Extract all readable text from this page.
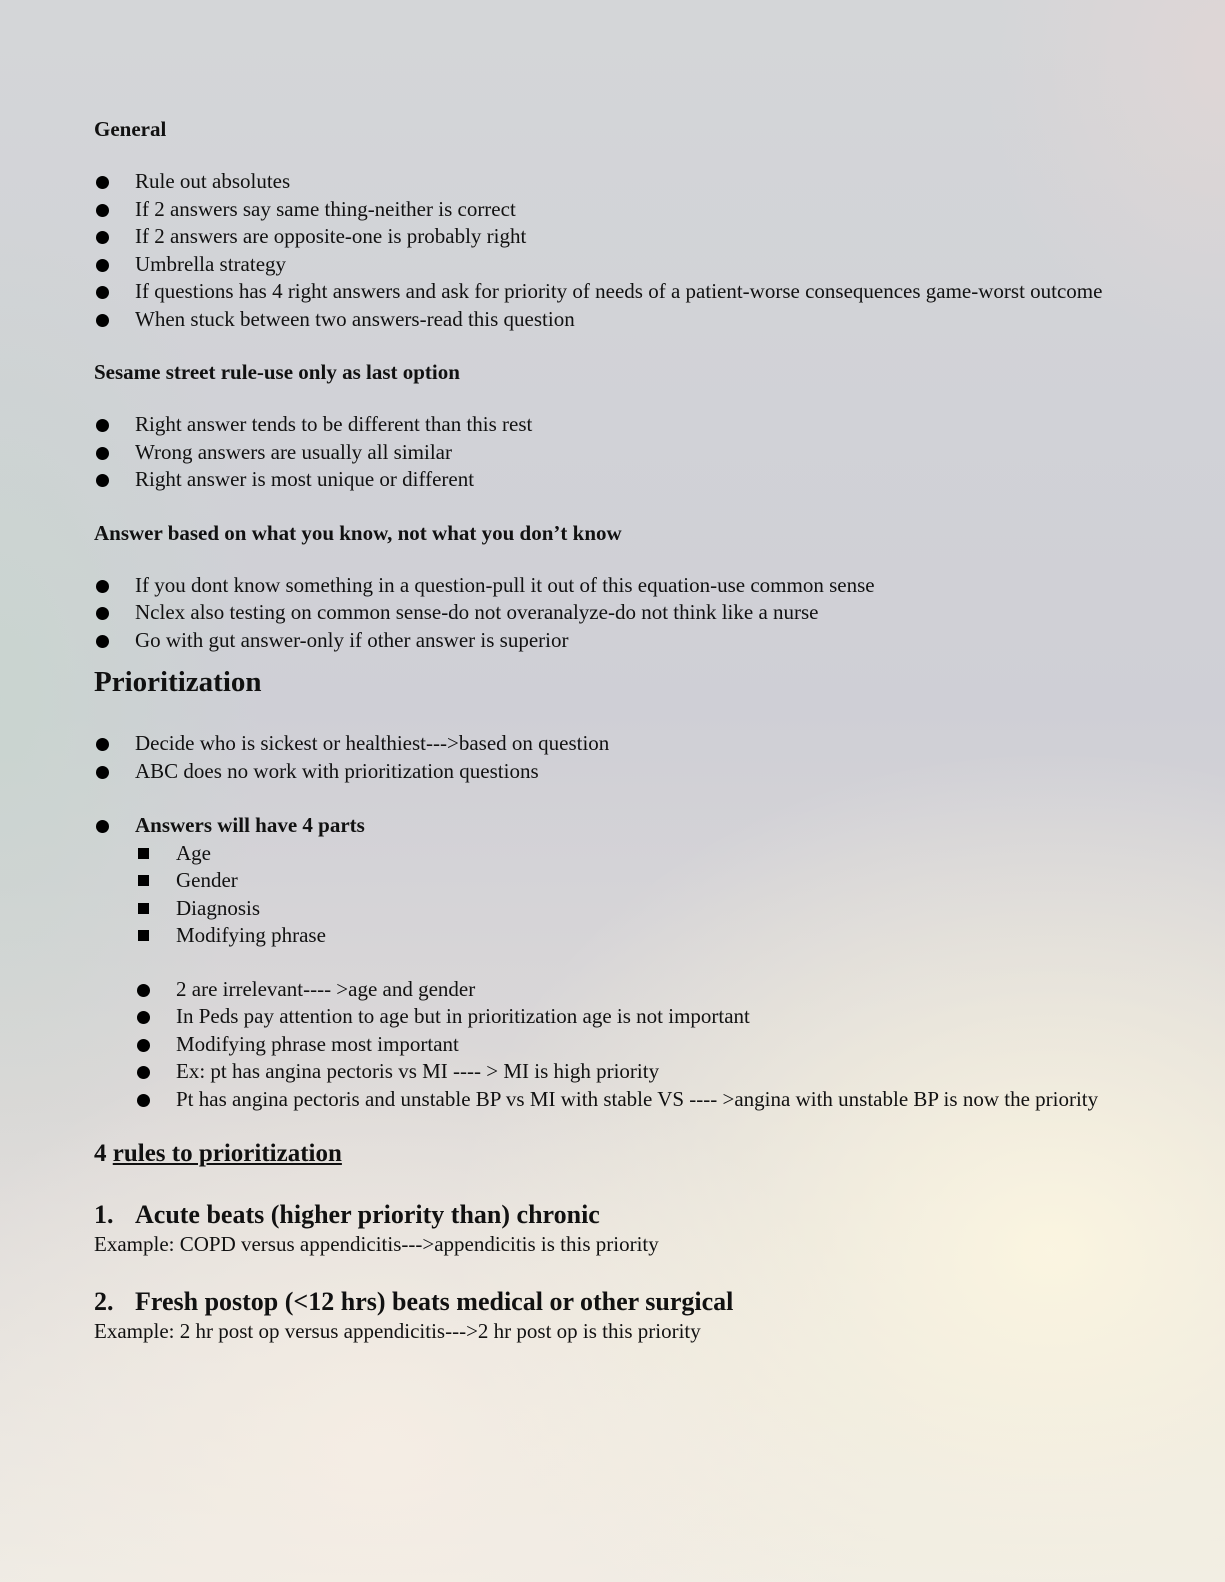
General
Rule out absolutes
If 2 answers say same thing-neither is correct
If 2 answers are opposite-one is probably right
Umbrella strategy
If questions has 4 right answers and ask for priority of needs of a patient-worse consequences game-worst outcome
When stuck between two answers-read this question
Sesame street rule-use only as last option
Right answer tends to be different than this rest
Wrong answers are usually all similar
Right answer is most unique or different
Answer based on what you know, not what you don’t know
If you dont know something in a question-pull it out of this equation-use common sense
Nclex also testing on common sense-do not overanalyze-do not think like a nurse
Go with gut answer-only if other answer is superior
Prioritization
Decide who is sickest or healthiest--->based on question
ABC does no work with prioritization questions
Answers will have 4 parts
Age
Gender
Diagnosis
Modifying phrase
2 are irrelevant---- >age and gender
In Peds pay attention to age but in prioritization age is not important
Modifying phrase most important
Ex: pt has angina pectoris vs MI ---- > MI is high priority
Pt has angina pectoris and unstable BP vs MI with stable VS ---- >angina with unstable BP is now the priority
4 rules to prioritization
1. Acute beats (higher priority than) chronic
Example: COPD versus appendicitis--->appendicitis is this priority
2. Fresh postop (<12 hrs) beats medical or other surgical
Example: 2 hr post op versus appendicitis--->2 hr post op is this priority
